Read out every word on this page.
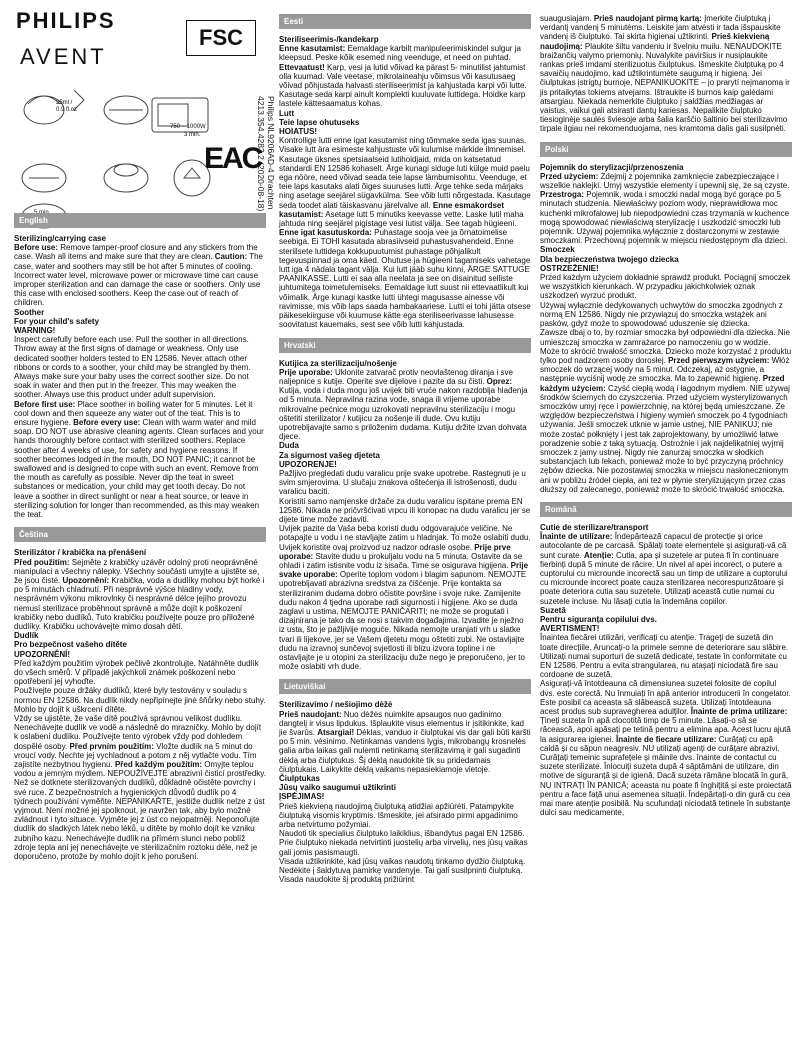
PHILIPS
AVENT
FSC
EAC
25ml /
0.9 fl.oz
750 – 1000W
3 min.	Philips NL9206AD-4 Drachten
4213.354.4283.2 (2020-08-18)
English

Sterilizing/carrying case
Before use: Remove tamper-proof closure and any stickers from the case. Wash all items and make sure that they are clean. Caution: The case, water and soothers may still be hot after 5 minutes of cooling. Incorrect water level, microwave power or microwave time can cause improper sterilization and can damage the case or soothers. Only use this case with enclosed soothers. Keep the case out of reach of children.

Soother
For your child's safety
WARNING!

Inspect carefully before each use. Pull the soother in all directions. Throw away at the first signs of damage or weakness. Only use dedicated soother holders tested to EN 12586. Never attach other ribbons or cords to a soother, your child may be strangled by them.
Always make sure your baby uses the correct soother size. Do not soak in water and then put in the freezer. This may weaken the soother. Always use this product under adult supervision.
Before first use: Place soother in boiling water for 5 minutes. Let it cool down and then squeeze any water out of the teat. This is to ensure hygiene. Before every use: Clean with warm water and mild soap. DO NOT use abrasive cleaning agents. Clean surfaces and your hands thoroughly before contact with sterilized soothers. Replace soother after 4 weeks of use, for safety and hygiene reasons. If soother becomes lodged in the mouth, DO NOT PANIC; it cannot be swallowed and is designed to cope with such an event. Remove from the mouth as carefully as possible. Never dip the teat in sweet substances or medication, your child may get tooth decay. Do not leave a soother in direct sunlight or near a heat source, or leave in sterilizing solution for longer than recommended, as this may weaken the teat.

Čeština

Sterilizátor / krabička na přenášení
Před použitím: Sejměte z krabičky uzávěr odolný proti neoprávněné manipulaci a všechny nálepky. Všechny součásti umyjte a ujistěte se, že jsou čisté. Upozornění: Krabička, voda a dudlíky mohou být horké i po 5 minutách chladnutí. Při nesprávné výšce hladiny vody, nesprávném výkonu mikrovlnky či nesprávné délce jejího provozu nemusí sterilizace proběhnout správně a může dojít k poškození krabičky nebo dudlíků. Tuto krabičku používejte pouze pro přiložené dudlíky. Krabičku uchovávejte mimo dosah dětí.

Dudlík
Pro bezpečnost vašeho dítěte
UPOZORNĚNÍ!

Před každým použitím výrobek pečlivě zkontrolujte. Natáhněte dudlík do všech směrů. V případě jakýchkoli známek poškození nebo opotřebení jej vyhoďte.
Používejte pouze držáky dudlíků, které byly testovány v souladu s normou EN 12586. Na dudlík nikdy nepřipínejte jiné šňůrky nebo stuhy. Mohlo by dojít k uškrcení dítěte.
Vždy se ujistěte, že vaše dítě používá správnou velikost dudlíku. Nenechávejte dudlík ve vodě a následně do mrazničky. Mohlo by dojít k oslabení dudlíku. Používejte tento výrobek vždy pod dohledem dospělé osoby. Před prvním použitím: Vložte dudlík na 5 minut do vroucí vody. Nechte jej vychladnout a potom z něj vytlačte vodu. Tím zajistíte nezbytnou hygienu. Před každým použitím: Omyjte teplou vodou a jemným mýdlem. NEPOUŽÍVEJTE abrazivní čisticí prostředky. Než se dotknete sterilizovaných dudlíků, důkladně očistěte povrchy i své ruce. Z bezpečnostních a hygienických důvodů dudlík po 4 týdnech používání vyměňte. NEPANIKAŘTE, jestliže dudlík nelze z úst vyjmout. Není možné jej spolknout, je navržen tak, aby bylo možné zvládnout i tyto situace. Vyjměte jej z úst co nejopatrněji. Neponořujte dudlík do sladkých látek nebo léků, u dítěte by mohlo dojít ke vzniku zubního kazu. Nenechávejte dudlík na přímém slunci nebo poblíž zdroje tepla ani jej nenechávejte ve sterilizačním roztoku déle, než je doporučeno, protože by mohlo dojít k jeho porušení.

Eesti

Steriliseerimis-/kandekarp
Enne kasutamist: Eemaldage karbilt manipuleerimiskindel sulgur ja kleepsud. Peske kõik esemed ning veenduge, et need on puhtad. Ettevaatust! Karp, vesi ja lutid võivad ka pärast 5- minutilist jahtumist olla kuumad. Vale veetase, mikrolaineahju võimsus või kasutusaeg võivad põhjustada halvasti steriliseerimist ja kahjustada karpi või lutte. Kasutage seda karpi ainult komplekti kuuluvate luttidega. Hoidke karp lastele kättesaamatus kohas.

Lutt
Teie lapse ohutuseks
HOIATUS!

Kontrollige lutti enne igat kasutamist ning tõmmake seda igas suunas. Visake lutt ära esimeste kahjustuste või kulumise märkide ilmnemisel.
Kasutage üksnes spetsiaalseid lutihoidjaid, mida on katsetatud standardi EN 12586 kohaselt. Ärge kunagi siduge luti külge muid paelu ega nööre, need võivad seada teie lapse lämbumisohtu. Veenduge, et teie laps kasutaks alati õiges suuruses lutti. Ärge tehke seda märjaks ning asetage seejärel sügavkülma. See võib lutti nõrgestada. Kasutage seda toodet alati täiskasvanu järelvalve all. Enne esmakordset kasutamist: Asetage lutt 5 minutiks keevasse vette. Laske lutil maha jahtuda ning seejärel pigistage vesi lutist välja. See tagab hügieeni. Enne igat kasutuskorda: Puhastage sooja vee ja õrnatoimelise seebiga. Ei TOHI kasutada abrasiivseid puhastusvahendeid. Enne steriilsete luttidega kokkupuutumist puhastage põhjalikult tegevuspinnad ja oma käed. Ohutuse ja hügieeni tagamiseks vahetage lutt iga 4 nädala tagant välja. Kui lutt jääb suhu kinni, ÄRGE SATTUGE PAANIKASSE. Lutti ei saa alla neelata ja see on disainitud selliste juhtumitega toimetulemiseks. Eemaldage lutt suust nii ettevaatlikult kui võimalik. Ärge kunagi kastke lutti ühtegi magusasse ainesse või ravimisse, mis võib laps saada hambakaariese. Lutti ei tohi jätta otsese päikesekiirguse või kuumuse kätte ega steriliseerivasse lahusesse soovitatust kauemaks, sest see võib lutti kahjustada.

Hrvatski

Kutijica za sterilizaciju/nošenje
Prije uporabe: Uklonite zatvarač protiv neovlaštenog diranja i sve naljepnice s kutije. Operite sve dijelove i pazite da su čisti. Oprez: Kutija, voda i duda mogu još uvijek biti vruće nakon razdoblja hlađenja od 5 minuta. Nepravilna razina vode, snaga ili vrijeme uporabe mikrovalne pećnice mogu uzrokovati nepravilnu sterilizaciju i mogu oštetiti sterilizator / kutijicu za nošenje ili dude. Ovu kutiju upotrebljavajte samo s priloženim dudama. Kutiju držite izvan dohvata djece.

Duda
Za sigurnost vašeg djeteta
UPOZORENJE!

Pažljivo pregledati dudu varalicu prije svake upotrebe. Rastegnuti je u svim smjerovima. U slučaju znakova oštećenja ili istrošenosti, dudu varalicu baciti.
Koristiti samo namjenske držače za dudu varalicu ispitane prema EN 12586. Nikada ne pričvršćivati vrpcu ili konopac na dudu varalicu jer se dijete time može zadaviti.
Uvijek pazite da Vaša beba koristi dudu odgovarajuće veličine. Ne potapajte u vodu i ne stavljajte zatim u hladnjak. To može oslabiti dudu. Uvijek koristite ovaj proizvod uz nadzor odrasle osobe. Prije prve uporabe: Stavite dudu u prokuljalu vodu na 5 minuta. Ostavite da se ohladi i zatim istisnite vodu iz sisača. Time se osigurava higijena. Prije svake uporabe: Operite toplom vodom i blagim sapunom. NEMOJTE upotrebljavati abrazivna sredstva za čišćenje. Prije kontakta sa steriliziranim dudama dobro očistite površine i svoje ruke. Zamijenite dudu nakon 4 tjedna uporabe radi sigurnosti i higijene. Ako se duda zaglavi u ustima, NEMOJTE PANIČARITI; ne može se progutati i dizajnirana je tako da se nosi s takvim događajima. Izvadite je nježno iz usta, što je pažljivije moguće. Nikada nemojte uranjati vrh u slatke tvari ili lijekove, jer se Vašem djetetu mogu oštetiti zubi. Ne ostavljajte dudu na izravnoj sunčevoj svjetlosti ili blizu izvora topline i ne ostavljajte je u otopini za sterilizaciju duže nego je preporučeno, jer to može oslabiti vrh dude.

Lietuviškai

Sterilizavimo / nešiojimo dėžė
Prieš naudojant: Nuo dėžės nuimkite apsaugos nuo gadinimo dangtelį ir visus lipdukus. Išplaukite visus elementus ir įsitikinkite, kad jie švarūs. Atsargiai! Dėklas, vanduo ir čiulptukai vis dar gali būti karšti po 5 min. vėsinimo. Netinkamas vandens lygis, mikrobangų krosnelės galia arba laikas gali nulemti netinkamą sterilizavimą ir gali sugadinti dėklą arba čiulptukus. Šį dėklą naudokite tik su pridedamais čiulptukais. Laikykite dėklą vaikams nepasiekiamoje vietoje.

Čiulptukas
Jūsų vaiko saugumui užtikrinti
ĮSPĖJIMAS!

Prieš kiekvieną naudojimą čiulptuką atidžiai apžiūrėti. Patampykite čiulptuką visomis kryptimis. Išmeskite, jei atsirado pirmi apgadinimo arba netvirtumo požymiai.
Naudoti tik specialius čiulptuko laikiklius, išbandytus pagal EN 12586. Prie čiulptuko niekada netvirtinti juostelių arba virvelių, nes jūsų vaikas gali jomis pasismaugti.
Visada užtikrinkite, kad jūsų vaikas naudotų tinkamo dydžio čiulptuką. Nedėkite į šaldytuvą pamirkę vandenyje. Tai gali susilpninti čiulptuką. Visada naudokite šį produktą prižiūrint

suaugusiajam. Prieš naudojant pirmą kartą: Įmerkite čiulptuką į verdantį vandenį 5 minutėms. Leiskite jam atvėsti ir tada išspauskite vandenį iš čiulptuko. Tai skirta higienai užtikrinti. Prieš kiekvieną naudojimą: Plaukite šiltu vandeniu ir švelniu muilu. NENAUDOKITE braižančių valymo priemonių. Nuvalykite paviršius ir nusiplaukite rankas prieš imdami sterilizuotus čiulptukus. Išmeskite čiulptuką po 4 savaičių naudojimo, kad užtikrintumėte saugumą ir higieną. Jei čiulptukas įstrigtų burnoje, NEPANIKUOKITE – jo prarytí neįmanoma ir jis pritaikytas tokiems atvejams. Ištraukite iš burnos kaip galėdami atsargiau. Niekada nemerkite čiulptuko į saldžias medžiagas ar vaistus, vaikui gali atsirasti dantų kariesas. Nepalikite čiulptuko tiesioginėje saulės šviesoje arba šalia karščio šaltinio bei sterilizavimo tirpale ilgiau nei rekomenduojama, nes kramtoma dalis gali susilpnėti.

Polski

Pojemnik do sterylizacji/przenoszenia
Przed użyciem: Zdejmij z pojemnika zamknięcie zabezpieczające i wszelkie naklejki. Umyj wszystkie elementy i upewnij się, że są czyste. Przestroga: Pojemnik, woda i smoczki nadal mogą być gorące po 5 minutach studzenia. Niewłaściwy poziom wody, nieprawidłowa moc kuchenki mikrofalowej lub niepodpowiedni czas trzymania w kuchence mogą spowodować niewłaściwą sterylizację i uszkodzić smoczki lub pojemnik. Używaj pojemnika wyłącznie z dostarczonymi w zestawie smoczkami. Przechowuj pojemnik w miejscu niedostępnym dla dzieci.

Smoczek
Dla bezpieczeństwa twojego dziecka
OSTRZEŻENIE!

Przed każdym użyciem dokładnie sprawdź produkt. Pociągnij smoczek we wszystkich kierunkach. W przypadku jakichkolwiek oznak uszkodzeń wyrzuć produkt.
Używaj wyłącznie dedykowanych uchwytów do smoczka zgodnych z normą EN 12586. Nigdy nie przywiązuj do smoczka wstążek ani pasków, gdyż może to spowodować uduszenie się dziecka.
Zawsze dbaj o to, by rozmiar smoczka był odpowiedni dla dziecka. Nie umieszczaj smoczka w zamrażarce po namoczeniu go w wodzie. Może to skrócić trwałość smoczka. Dziecko może korzystać z produktu tylko pod nadzorem osoby dorosłej. Przed pierwszym użyciem: Włóż smoczek do wrzącej wody na 5 minut. Odczekaj, aż ostygnie, a następnie wyciśnij wodę ze smoczka. Ma to zapewnić higienę. Przed każdym użyciem: Czyść ciepłą wodą i łagodnym mydłem. NIE używaj środków ściernych do czyszczenia. Przed użyciem wysterylizowanych smoczków umyj ręce i powierzchnię, na której będą umieszczane. Ze względów bezpieczeństwa i higieny wymień smoczek po 4 tygodniach używania. Jeśli smoczek utknie w jamie ustnej, NIE PANIKUJ; nie może zostać połknięty i jest tak zaprojektowany, by umożliwić łatwe poradzenie sobie z taką sytuacją. Ostrożnie i jak najdelikatniej wyjmij smoczek z jamy ustnej. Nigdy nie zanurzaj smoczka w słodkich substancjach lub lekach, ponieważ może to być przyczyną próchnicy zębów dziecka. Nie pozostawiaj smoczka w miejscu nasłonecznionym ani w pobliżu źródeł ciepła, ani też w płynie sterylizującym przez czas dłuższy od zalecanego, ponieważ może to skrócić trwałość smoczka.

Română

Cutie de sterilizare/transport
Înainte de utilizare: Îndepărtează capacul de protecție și orice autocolante de pe carcasă. Spălați toate elementele și asigurați-vă că sunt curate. Atenție: Cutia, apa și suzetele ar putea fi în continuare fierbinți după 5 minute de răcire. Un nivel al apei incorect, o putere a cuptorului cu microunde incorectă sau un timp de utilizare a cuptorului cu microunde incorect poate cauza sterilizarea necorespunzătoare și poate deteriora cutia sau suzetele. Utilizați această cutie numai cu suzetele incluse. Nu lăsați cutia la îndemâna copiilor.

Suzetă
Pentru siguranța copilului dvs.
AVERTISMENT!

Înaintea fiecărei utilizări, verificați cu atenție. Trageți de suzetă din toate direcțiile. Aruncați-o la primele semne de deteriorare sau slăbire.
Utilizați numai suporturi de suzetă dedicate, testate în conformitate cu EN 12586. Pentru a evita strangularea, nu atașați niciodată fire sau cordoane de suzetă.
Asigurați-vă întotdeauna că dimensiunea suzetei folosite de copilul dvs. este corectă. Nu înmuiați în apă anterior introducerii în congelator. Este posibil ca aceasta să slăbească suzeta. Utilizați întotdeauna acest produs sub supravegherea adulților. Înainte de prima utilizare: Țineți suzeta în apă clocotită timp de 5 minute. Lăsați-o să se răcească, apoi apăsați pe tetină pentru a elimina apa. Acest lucru ajută la asigurarea igienei. Înainte de fiecare utilizare: Curățați cu apă caldă și cu săpun neagresiv. NU utilizați agenți de curățare abrazivi. Curățați temeinic suprafețele și mâinile dvs. înainte de contactul cu suzete sterilizate. Înlocuiți suzeta după 4 săptămâni de utilizare, din motive de siguranță și de igienă. Dacă suzeta rămâne blocată în gură, NU INTRAȚI ÎN PANICĂ; aceasta nu poate fi înghițită și este proiectată pentru a face față unui asemenea situații. Îndepărtați-o din gură cu cea mai mare atenție posibilă. Nu scufundați niciodată tetinele în substanțe dulci sau medicamente,
